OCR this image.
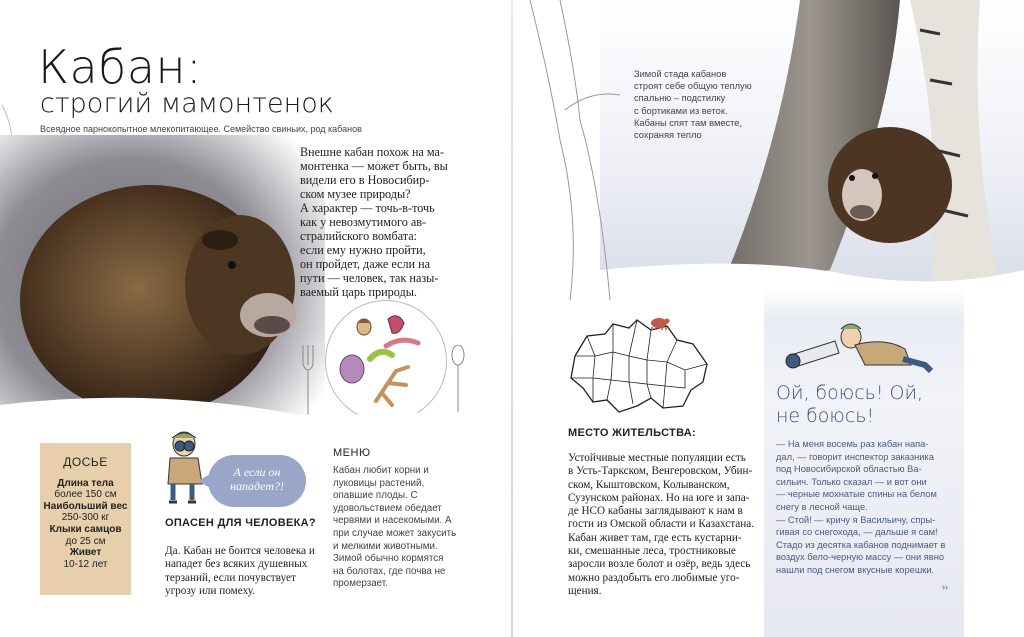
Кабан:
строгий мамонтенок
Всеядное парнокопытное млекопитающее. Семейство свиньих, род кабанов
Внешне кабан похож на ма-
монтенка — может быть, вы
видели его в Новосибир-
ском музее природы?
А характер — точь-в-точь
как у невозмутимого ав-
стралийского вомбата:
если ему нужно пройти,
он пройдет, даже если на
пути — человек, так назы-
ваемый царь природы.
ДОСЬЕ
Длина тела
более 150 см
Наибольший вес
250-300 кг
Клыки самцов
до 25 см
Живет
10-12 лет
А если он
нападет?!
ОПАСЕН ДЛЯ ЧЕЛОВЕКА?
Да. Кабан не боится человека и
нападет без всяких душевных
терзаний, если почувствует
угрозу или помеху.
МЕНЮ
Кабан любит корни и
луковицы растений,
опавшие плоды. С
удовольствием обедает
червями и насекомыми. А
при случае может закусить
и мелкими животными.
Зимой обычно кормятся
на болотах, где почва не
промерзает.
Зимой стада кабанов
строят себе общую теплую
спальню – подстилку
с бортиками из веток.
Кабаны спят там вместе,
сохраняя тепло
МЕСТО ЖИТЕЛЬСТВА:
Устойчивые местные популяции есть
в Усть-Таркском, Венгеровском, Убин-
ском, Кыштовском, Колыванском,
Сузунском районах. Но на юге и запа-
де НСО кабаны заглядывают к нам в
гости из Омской области и Казахстана.
Кабан живет там, где есть кустарни-
ки, смешанные леса, тростниковые
заросли возле болот и озёр, ведь здесь
можно раздобыть его любимые уго-
щения.
Ой, боюсь! Ой,
не боюсь!
— На меня восемь раз кабан напа-
дал, — говорит инспектор заказника
под Новосибирской областью Ва-
сильич. Только сказал — и вот они
— черные мохнатые спины на белом
снегу в лесной чаще.
— Стой! — кричу я Васильичу, спры-
гивая со снегохода, — дальше я сам!
Стадо из десятка кабанов поднимает в
воздух бело-черную массу — они явно
нашли под снегом вкусные корешки.
››
